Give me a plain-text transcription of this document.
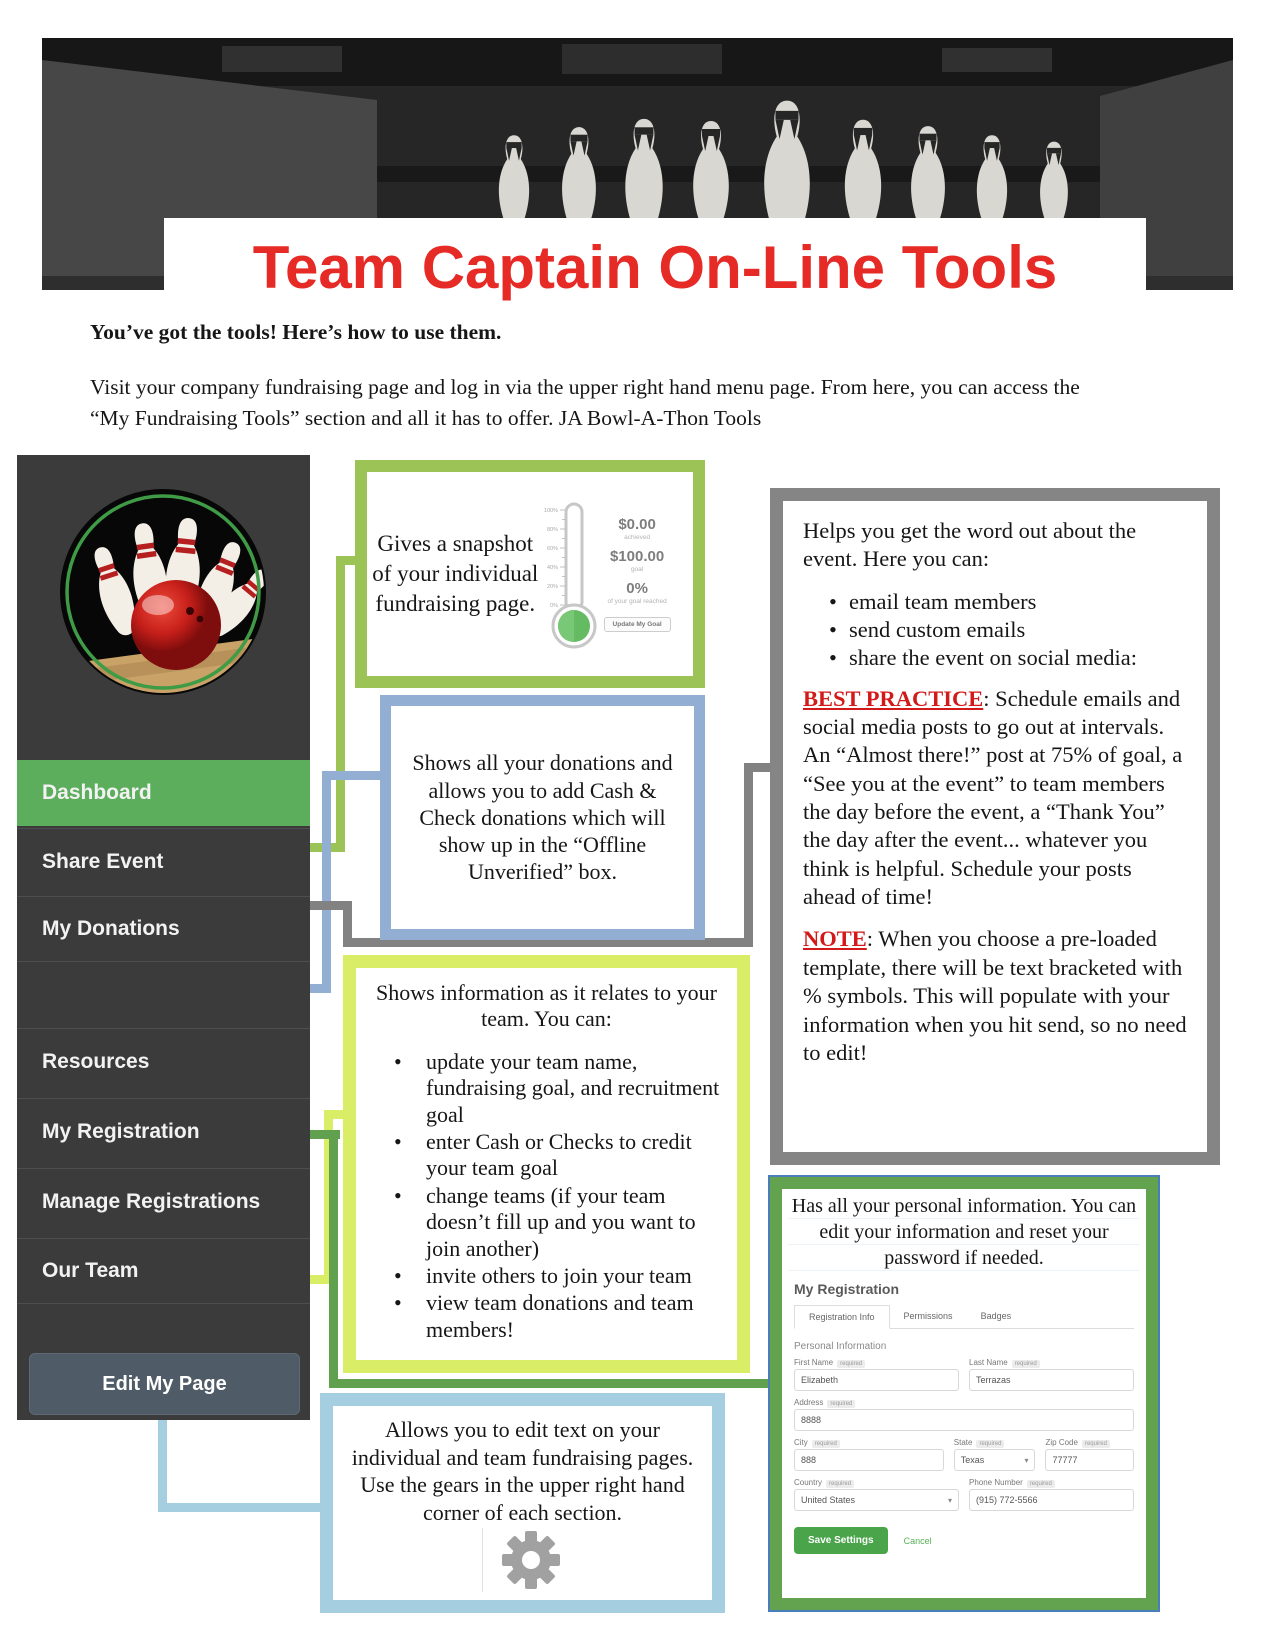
Team Captain On-Line Tools
You’ve got the tools! Here’s how to use them.
Visit your company fundraising page and log in via the upper right hand menu page. From here, you can access the “My Fundraising Tools” section and all it has to offer. JA Bowl-A-Thon Tools
Dashboard
Share Event
My Donations
Resources
My Registration
Manage Registrations
Our Team
Edit My Page
Gives a snapshot of your individual fundraising page.
100%
80%
60%
40%
20%
0%
$0.00
achieved
$100.00
goal
0%
of your goal reached
Update My Goal
Shows all your donations and allows you to add Cash & Check donations which will show up in the “Offline Unverified” box.

Helps you get the word out about the event. Here you can:

• email team members
• send custom emails
• share the event on social media:

BEST PRACTICE: Schedule emails and social media posts to go out at intervals. An “Almost there!” post at 75% of goal, a “See you at the event” to team members the day before the event, a “Thank You” the day after the event... whatever you think is helpful. Schedule your posts ahead of time!

NOTE: When you choose a pre-loaded template, there will be text bracketed with % symbols. This will populate with your information when you hit send, so no need to edit!

Shows information as it relates to your team. You can:
• update your team name, fundraising goal, and recruitment goal
• enter Cash or Checks to credit your team goal
• change teams (if your team doesn’t fill up and you want to join another)
• invite others to join your team
• view team donations and team members!
Has all your personal information. You can edit your information and reset your password if needed.
My Registration
Registration Info	Permissions	Badges
Personal Information
First Name required
Elizabeth
Last Name required
Terrazas
Address required
8888
City required
888
State required
Texas ▾
Zip Code required
77777
Country required
United States ▾
Phone Number required
(915) 772-5566
Save Settings	Cancel
Allows you to edit text on your individual and team fundraising pages. Use the gears in the upper right hand corner of each section.
